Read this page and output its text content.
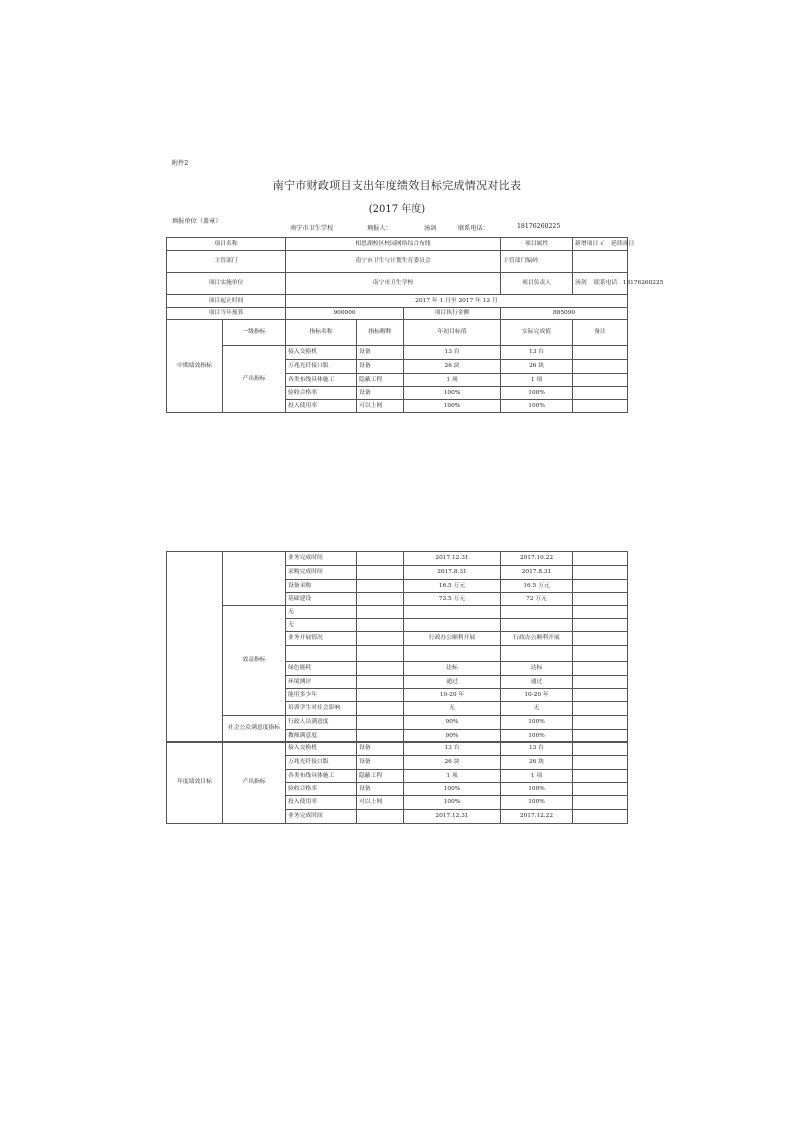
附件2
南宁市财政项目支出年度绩效目标完成情况对比表
(2017 年度)
填报单位（盖章）
南宁市卫生学校	填报人：	汤剑	联系电话：	18176260225
项目名称		相思湖校区校园网络综合布线			项目属性	新增项目 √ 延续项目
主管部门		南宁市卫生与计划生育委员会			主管部门编码	
项目实施单位		南宁市卫生学校			项目负责人	汤剑 联系电话 18176260225
项目起止时间		2017 年 1 月至 2017 年 12 月				
项目当年预算		900000		项目执行金额	885090	
中期绩效指标	一级指标	指标名称	指标解释	年初目标值	实际完成值	备注
	产出指标	接入交换机	设备	13 台	13 台	
		万兆光纤接口版	设备	26 块	26 块	
		各类布线具体施工	隐蔽工程	1 项	1 项	
		验收合格率	设备	100%	100%	
		投入使用率	可以上网	100%	100%	
		业务完成时间		2017.12.31	2017.10.22	
		采购完成时间		2017.8.31	2017.8.31	
		设备采购		16.5 万元	16.5 万元	
		基础建设		73.5 万元	72 万元	
	效益指标	无				
		无				
		业务开展情况		行政办公顺利开展	行政办公顺利开展	

		绿色能耗		达标	达标	
		环境测评		通过	通过	
		能用多少年		10-20 年	10-20 年	
		培训学生对社会影响		无	无	
	社会公众满意度指标	行政人员满意度		90%	100%	
		教师满意度		90%	100%	
年度绩效目标	产出指标	接入交换机	设备	13 台	13 台	
		万兆光纤接口版	设备	26 块	26 块	
		各类布线具体施工	隐蔽工程	1 项	1 项	
		验收合格率	设备	100%	100%	
		投入使用率	可以上网	100%	100%	
		业务完成时间		2017.12.31	2017.12.22	
